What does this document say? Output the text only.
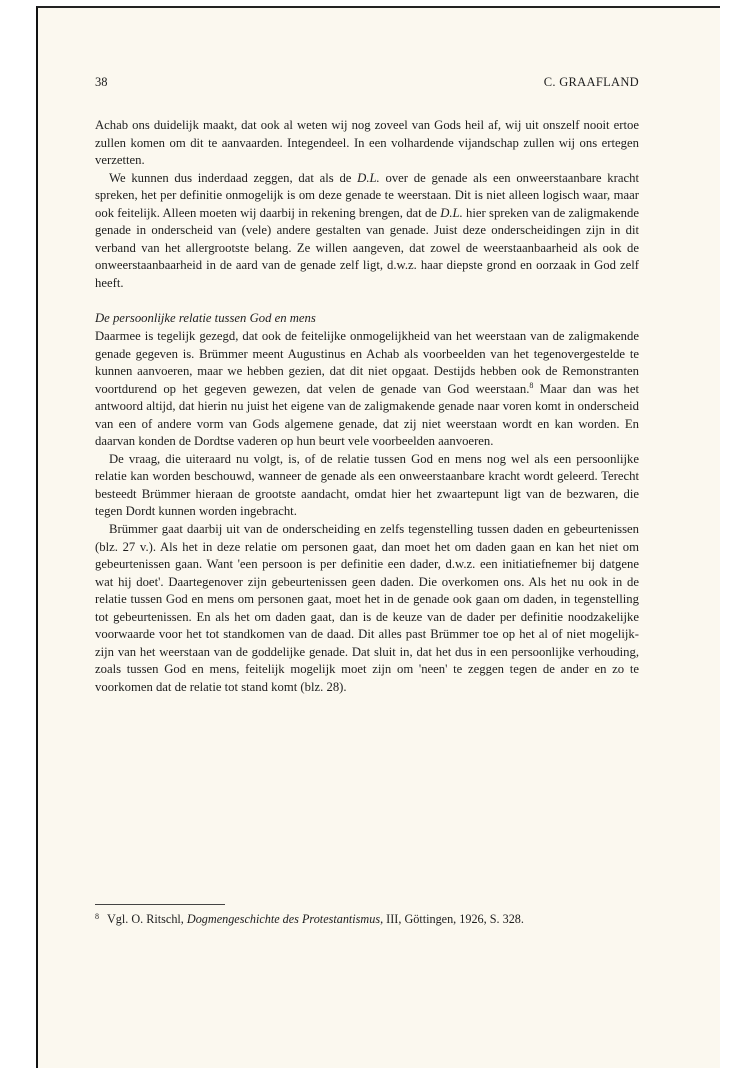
38	C. GRAAFLAND

Achab ons duidelijk maakt, dat ook al weten wij nog zoveel van Gods heil af, wij uit onszelf nooit ertoe zullen komen om dit te aanvaarden. Integendeel. In een volhardende vijandschap zullen wij ons ertegen verzetten.

We kunnen dus inderdaad zeggen, dat als de D.L. over de genade als een onweerstaanbare kracht spreken, het per definitie onmogelijk is om deze genade te weerstaan. Dit is niet alleen logisch waar, maar ook feitelijk. Alleen moeten wij daarbij in rekening brengen, dat de D.L. hier spreken van de zaligmakende genade in onderscheid van (vele) andere gestalten van genade. Juist deze onderscheidingen zijn in dit verband van het allergrootste belang. Ze willen aangeven, dat zowel de weerstaanbaarheid als ook de onweerstaanbaarheid in de aard van de genade zelf ligt, d.w.z. haar diepste grond en oorzaak in God zelf heeft.

De persoonlijke relatie tussen God en mens

Daarmee is tegelijk gezegd, dat ook de feitelijke onmogelijkheid van het weerstaan van de zaligmakende genade gegeven is. Brümmer meent Augustinus en Achab als voorbeelden van het tegenovergestelde te kunnen aanvoeren, maar we hebben gezien, dat dit niet opgaat. Destijds hebben ook de Remonstranten voortdurend op het gegeven gewezen, dat velen de genade van God weerstaan.$^8$ Maar dan was het antwoord altijd, dat hierin nu juist het eigene van de zaligmakende genade naar voren komt in onderscheid van een of andere vorm van Gods algemene genade, dat zij niet weerstaan wordt en kan worden. En daarvan konden de Dordtse vaderen op hun beurt vele voorbeelden aanvoeren.

De vraag, die uiteraard nu volgt, is, of de relatie tussen God en mens nog wel als een persoonlijke relatie kan worden beschouwd, wanneer de genade als een onweerstaanbare kracht wordt geleerd. Terecht besteedt Brümmer hieraan de grootste aandacht, omdat hier het zwaartepunt ligt van de bezwaren, die tegen Dordt kunnen worden ingebracht.

Brümmer gaat daarbij uit van de onderscheiding en zelfs tegenstelling tussen daden en gebeurtenissen (blz. 27 v.). Als het in deze relatie om personen gaat, dan moet het om daden gaan en kan het niet om gebeurtenissen gaan. Want 'een persoon is per definitie een dader, d.w.z. een initiatiefnemer bij datgene wat hij doet'. Daartegenover zijn gebeurtenissen geen daden. Die overkomen ons. Als het nu ook in de relatie tussen God en mens om personen gaat, moet het in de genade ook gaan om daden, in tegenstelling tot gebeurtenissen. En als het om daden gaat, dan is de keuze van de dader per definitie noodzakelijke voorwaarde voor het tot standkomen van de daad. Dit alles past Brümmer toe op het al of niet mogelijk-zijn van het weerstaan van de goddelijke genade. Dat sluit in, dat het dus in een persoonlijke verhouding, zoals tussen God en mens, feitelijk mogelijk moet zijn om 'neen' te zeggen tegen de ander en zo te voorkomen dat de relatie tot stand komt (blz. 28).

8 Vgl. O. Ritschl, Dogmengeschichte des Protestantismus, III, Göttingen, 1926, S. 328.
